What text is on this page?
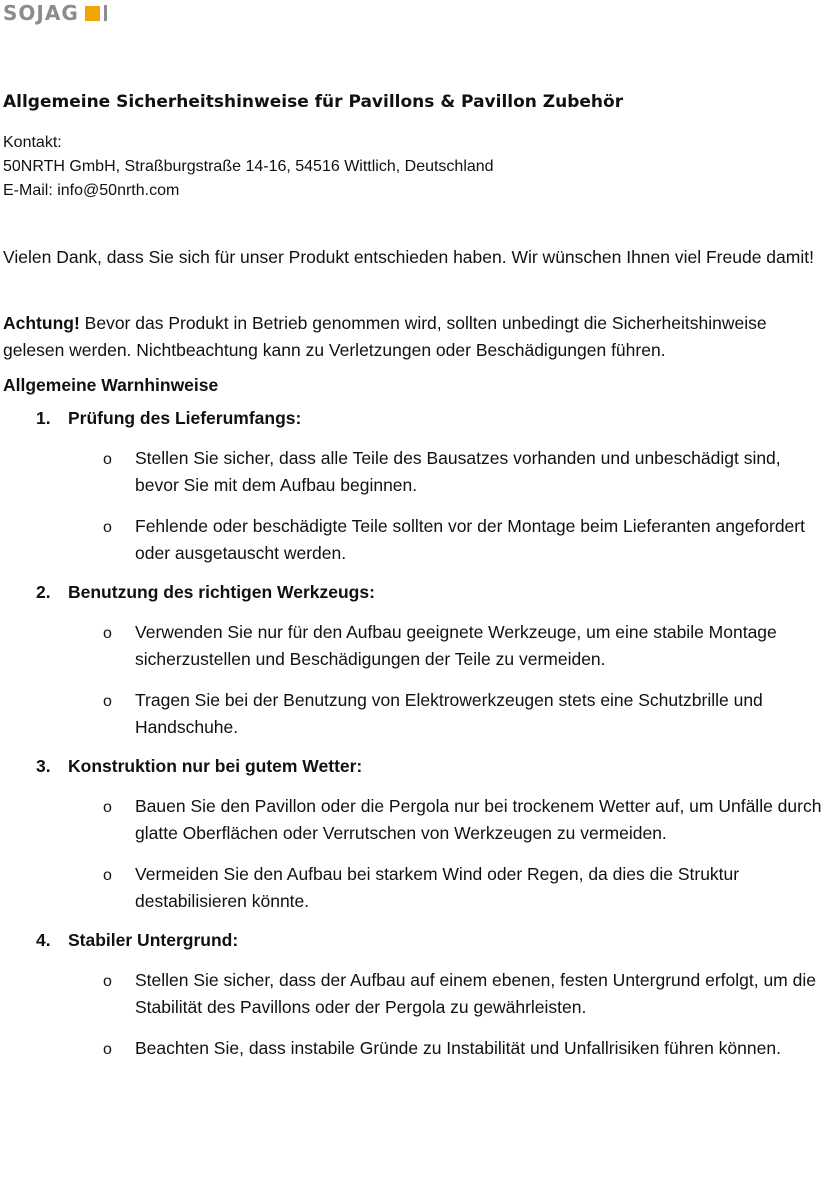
SOJAG
Allgemeine Sicherheitshinweise für Pavillons & Pavillon Zubehör
Kontakt:
50NRTH GmbH, Straßburgstraße 14-16, 54516 Wittlich, Deutschland
E-Mail: info@50nrth.com
Vielen Dank, dass Sie sich für unser Produkt entschieden haben. Wir wünschen Ihnen viel Freude damit!
Achtung! Bevor das Produkt in Betrieb genommen wird, sollten unbedingt die Sicherheitshinweise gelesen werden. Nichtbeachtung kann zu Verletzungen oder Beschädigungen führen.
Allgemeine Warnhinweise
1. Prüfung des Lieferumfangs:
o Stellen Sie sicher, dass alle Teile des Bausatzes vorhanden und unbeschädigt sind, bevor Sie mit dem Aufbau beginnen.
o Fehlende oder beschädigte Teile sollten vor der Montage beim Lieferanten angefordert oder ausgetauscht werden.
2. Benutzung des richtigen Werkzeugs:
o Verwenden Sie nur für den Aufbau geeignete Werkzeuge, um eine stabile Montage sicherzustellen und Beschädigungen der Teile zu vermeiden.
o Tragen Sie bei der Benutzung von Elektrowerkzeugen stets eine Schutzbrille und Handschuhe.
3. Konstruktion nur bei gutem Wetter:
o Bauen Sie den Pavillon oder die Pergola nur bei trockenem Wetter auf, um Unfälle durch glatte Oberflächen oder Verrutschen von Werkzeugen zu vermeiden.
o Vermeiden Sie den Aufbau bei starkem Wind oder Regen, da dies die Struktur destabilisieren könnte.
4. Stabiler Untergrund:
o Stellen Sie sicher, dass der Aufbau auf einem ebenen, festen Untergrund erfolgt, um die Stabilität des Pavillons oder der Pergola zu gewährleisten.
o Beachten Sie, dass instabile Gründe zu Instabilität und Unfallrisiken führen können.
